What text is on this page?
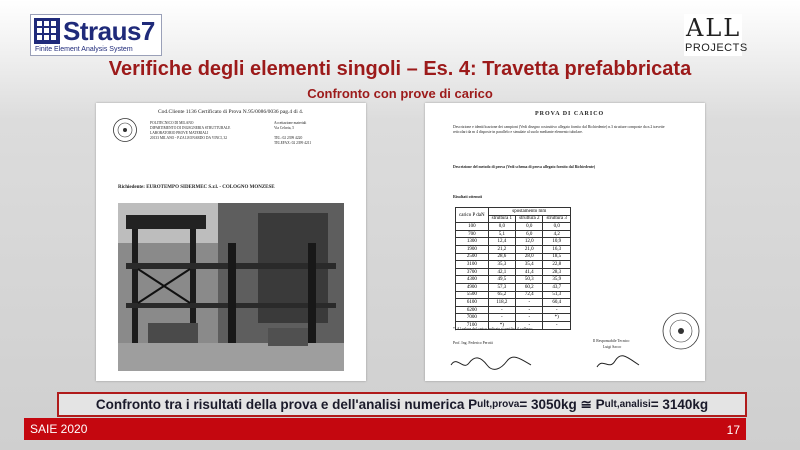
Straus7
Finite Element Analysis System
ALL
PROJECTS
Verifiche degli elementi singoli – Es. 4: Travetta prefabbricata
Confronto con prove di carico
Cod.Cliente 1136 Certificato di Prova N.95/0086/0036 pag.4 di 4.
POLITECNICO DI MILANO
DIPARTIMENTO DI INGEGNERIA STRUTTURALE
LABORATORIO PROVE MATERIALI
20133 MILANO - P.ZA LEONARDO DA VINCI, 32
Accettazione materiali
Via Celoria, 5
TEL: 02 2399 4220
TELEFAX: 02 2399 4211
Richiedente: EUROTEMPO SIDERMEC S.r.l. - COLOGNO MONZESE
PROVA DI CARICO
Descrizione e identificazione dei campioni (Vedi disegno costruttivo allegato fornito dal Richiedente) n.3 strutture composte da n.2 travette reticolari da m 4 disposte in parallelo e simulate al suolo mediante elemento tubolare.
Descrizione del metodo di prova (Vedi schema di prova allegato fornito dal Richiedente)
Risultati ottenuti
carico P daN	spostamento mm		
	struttura 1	struttura 2	struttura 3
100	0,0	0,0	0,0
700	5,1	6,0	4,2
1300	12,4	12,0	10,9
1900	21,2	21,0	16,3
2500	28,6	28,0	18,5
3100	35,3	35,4	22,8
3700	42,1	41,4	28,3
4300	49,5	50,3	35,9
4900	57,3	60,2	43,7
5500	65,2	72,4	51,3
6100	118,2	-	60,4
6200	-	-	-
7000	-	-	*)
7100	*)	-	-
*) Al valore del carico indicato si verifica il collasso
Prof. Ing. Federico Perotti	Il Responsabile Tecnico
Luigi Sacco
Confronto tra i risultati della prova e dell'analisi numerica P ult,prova = 3050kg ≅ P ult,analisi = 3140kg
SAIE 2020	17
